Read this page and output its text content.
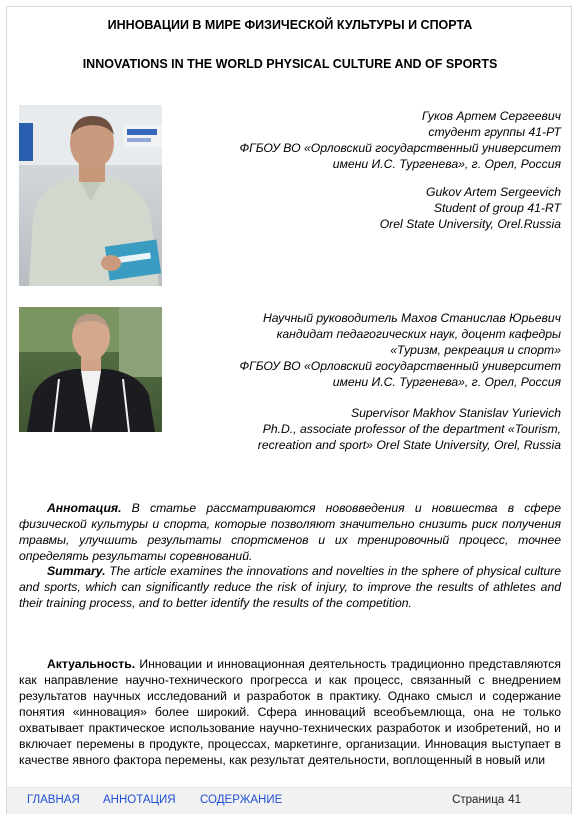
ИННОВАЦИИ В МИРЕ ФИЗИЧЕСКОЙ КУЛЬТУРЫ И СПОРТА
INNOVATIONS IN THE WORLD PHYSICAL CULTURE AND OF SPORTS
Гуков Артем Сергеевич
студент группы 41-РТ
ФГБОУ ВО «Орловский государственный университет
имени И.С. Тургенева», г. Орел, Россия
Gukov Artem Sergeevich
Student of group 41-RT
Orel State University, Orel.Russia
Научный руководитель Махов Станислав Юрьевич
кандидат педагогических наук, доцент кафедры
«Туризм, рекреация и спорт»
ФГБОУ ВО «Орловский государственный университет
имени И.С. Тургенева», г. Орел, Россия
Supervisor Makhov Stanislav Yurievich
Ph.D., associate professor of the department «Tourism,
recreation and sport» Orel State University, Orel, Russia
Аннотация. В статье рассматриваются нововведения и новшества в сфере физической культуры и спорта, которые позволяют значительно снизить риск получения травмы, улучшить результаты спортсменов и их тренировочный процесс, точнее определять результаты соревнований.
Summary. The article examines the innovations and novelties in the sphere of physical culture and sports, which can significantly reduce the risk of injury, to improve the results of athletes and their training process, and to better identify the results of the competition.
Актуальность. Инновации и инновационная деятельность традиционно представляются как направление научно-технического прогресса и как процесс, связанный с внедрением результатов научных исследований и разработок в практику. Однако смысл и содержание понятия «инновация» более широкий. Сфера инноваций всеобъемлюща, она не только охватывает практическое использование научно-технических разработок и изобретений, но и включает перемены в продукте, процессах, маркетинге, организации. Инновация выступает в качестве явного фактора перемены, как результат деятельности, воплощенный в новый или
ГЛАВНАЯ АННОТАЦИЯ СОДЕРЖАНИЕ	Страница 41
